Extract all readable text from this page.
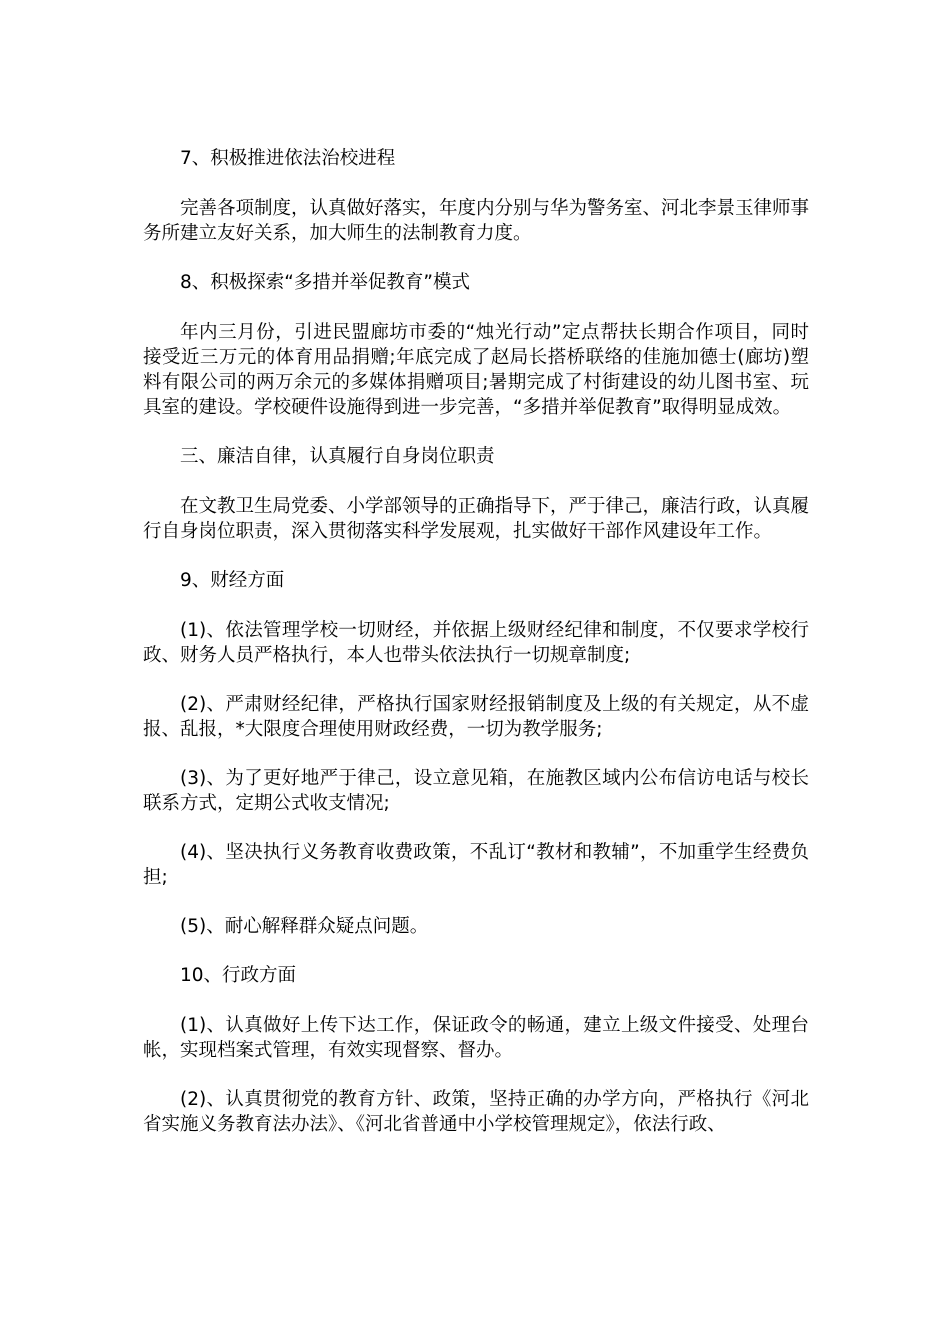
7、积极推进依法治校进程

完善各项制度，认真做好落实，年度内分别与华为警务室、河北李景玉律师事务所建立友好关系，加大师生的法制教育力度。

8、积极探索“多措并举促教育”模式

年内三月份，引进民盟廊坊市委的“烛光行动”定点帮扶长期合作项目，同时接受近三万元的体育用品捐赠;年底完成了赵局长搭桥联络的佳施加德士(廊坊)塑料有限公司的两万余元的多媒体捐赠项目;暑期完成了村街建设的幼儿图书室、玩具室的建设。学校硬件设施得到进一步完善，“多措并举促教育”取得明显成效。

三、廉洁自律，认真履行自身岗位职责

在文教卫生局党委、小学部领导的正确指导下，严于律己，廉洁行政，认真履行自身岗位职责，深入贯彻落实科学发展观，扎实做好干部作风建设年工作。

9、财经方面

(1)、依法管理学校一切财经，并依据上级财经纪律和制度，不仅要求学校行政、财务人员严格执行，本人也带头依法执行一切规章制度;

(2)、严肃财经纪律，严格执行国家财经报销制度及上级的有关规定，从不虚报、乱报，*大限度合理使用财政经费，一切为教学服务;

(3)、为了更好地严于律己，设立意见箱，在施教区域内公布信访电话与校长联系方式，定期公式收支情况;

(4)、坚决执行义务教育收费政策，不乱订“教材和教辅”，不加重学生经费负担;

(5)、耐心解释群众疑点问题。

10、行政方面

(1)、认真做好上传下达工作，保证政令的畅通，建立上级文件接受、处理台帐，实现档案式管理，有效实现督察、督办。

(2)、认真贯彻党的教育方针、政策，坚持正确的办学方向，严格执行《河北省实施义务教育法办法》、《河北省普通中小学校管理规定》，依法行政、
